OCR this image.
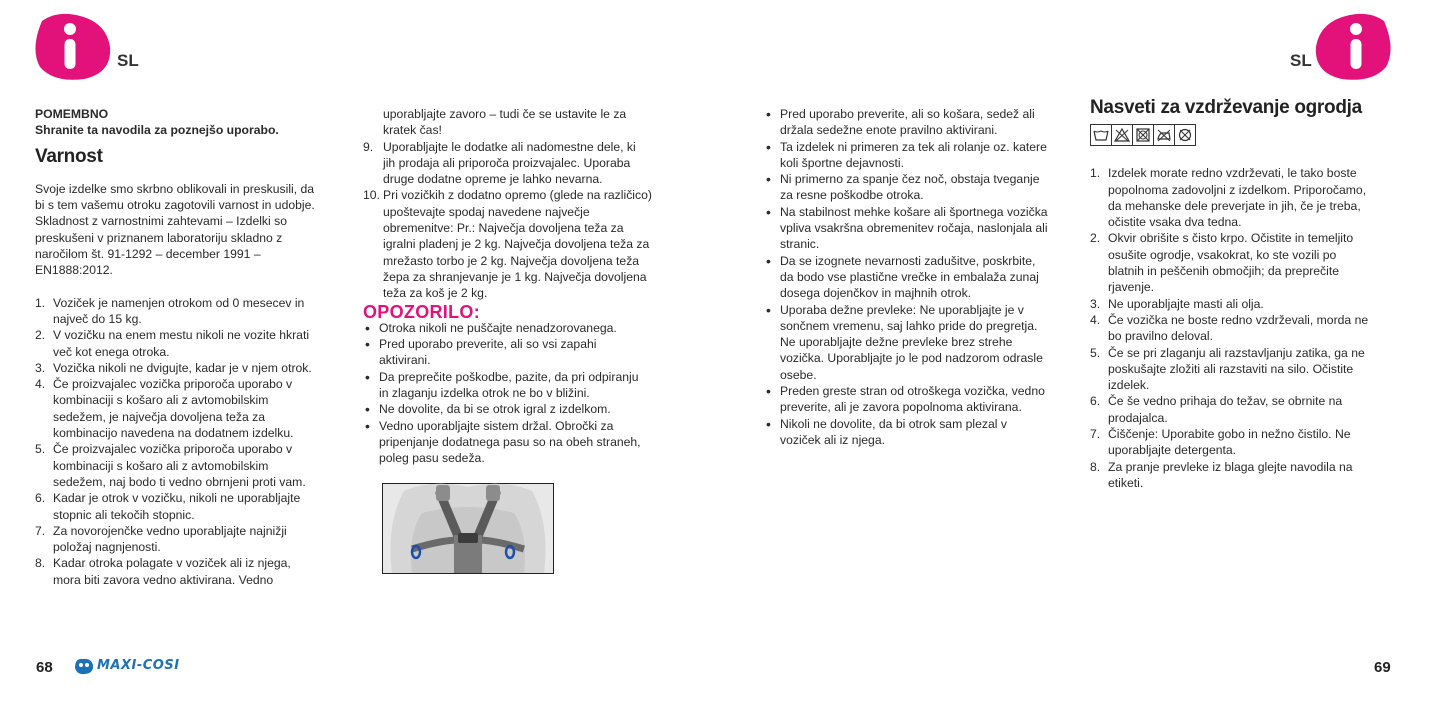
SL	SL
POMEMBNO
Shranite ta navodila za poznejšo uporabo.
Varnost
Svoje izdelke smo skrbno oblikovali in preskusili, da
bi s tem vašemu otroku zagotovili varnost in udobje.
Skladnost z varnostnimi zahtevami – Izdelki so
preskušeni v priznanem laboratoriju skladno z
naročilom št. 91-1292 – december 1991 –
EN1888:2012.
1. Voziček je namenjen otrokom od 0 mesecev in
največ do 15 kg.
2. V vozičku na enem mestu nikoli ne vozite hkrati
več kot enega otroka.
3. Vozička nikoli ne dvigujte, kadar je v njem otrok.
4. Če proizvajalec vozička priporoča uporabo v
kombinaciji s košaro ali z avtomobilskim
sedežem, je največja dovoljena teža za
kombinacijo navedena na dodatnem izdelku.
5. Če proizvajalec vozička priporoča uporabo v
kombinaciji s košaro ali z avtomobilskim
sedežem, naj bodo ti vedno obrnjeni proti vam.
6. Kadar je otrok v vozičku, nikoli ne uporabljajte
stopnic ali tekočih stopnic.
7. Za novorojenčke vedno uporabljajte najnižji
položaj nagnjenosti.
8. Kadar otroka polagate v voziček ali iz njega,
mora biti zavora vedno aktivirana. Vedno
uporabljajte zavoro – tudi če se ustavite le za
kratek čas!
9. Uporabljajte le dodatke ali nadomestne dele, ki
jih prodaja ali priporoča proizvajalec. Uporaba
druge dodatne opreme je lahko nevarna.
10. Pri vozičkih z dodatno opremo (glede na različico)
upoštevajte spodaj navedene največje
obremenitve: Pr.: Največja dovoljena teža za
igralni pladenj je 2 kg. Največja dovoljena teža za
mrežasto torbo je 2 kg. Največja dovoljena teža
žepa za shranjevanje je 1 kg. Največja dovoljena
teža za koš je 2 kg.
OPOZORILO:
• Otroka nikoli ne puščajte nenadzorovanega.
• Pred uporabo preverite, ali so vsi zapahi
aktivirani.
• Da preprečite poškodbe, pazite, da pri odpiranju
in zlaganju izdelka otrok ne bo v bližini.
• Ne dovolite, da bi se otrok igral z izdelkom.
• Vedno uporabljajte sistem držal. Obročki za
pripenjanje dodatnega pasu so na obeh straneh,
poleg pasu sedeža.
68	MAXI-COSI
• Pred uporabo preverite, ali so košara, sedež ali
držala sedežne enote pravilno aktivirani.
• Ta izdelek ni primeren za tek ali rolanje oz. katere
koli športne dejavnosti.
• Ni primerno za spanje čez noč, obstaja tveganje
za resne poškodbe otroka.
• Na stabilnost mehke košare ali športnega vozička
vpliva vsakršna obremenitev ročaja, naslonjala ali
stranic.
• Da se izognete nevarnosti zadušitve, poskrbite,
da bodo vse plastične vrečke in embalaža zunaj
dosega dojenčkov in majhnih otrok.
• Uporaba dežne prevleke: Ne uporabljajte je v
sončnem vremenu, saj lahko pride do pregretja.
Ne uporabljajte dežne prevleke brez strehe
vozička. Uporabljajte jo le pod nadzorom odrasle
osebe.
• Preden greste stran od otroškega vozička, vedno
preverite, ali je zavora popolnoma aktivirana.
• Nikoli ne dovolite, da bi otrok sam plezal v
voziček ali iz njega.
Nasveti za vzdrževanje ogrodja
1. Izdelek morate redno vzdrževati, le tako boste
popolnoma zadovoljni z izdelkom. Priporočamo,
da mehanske dele preverjate in jih, če je treba,
očistite vsaka dva tedna.
2. Okvir obrišite s čisto krpo. Očistite in temeljito
osušite ogrodje, vsakokrat, ko ste vozili po
blatnih in peščenih območjih; da preprečite
rjavenje.
3. Ne uporabljajte masti ali olja.
4. Če vozička ne boste redno vzdrževali, morda ne
bo pravilno deloval.
5. Če se pri zlaganju ali razstavljanju zatika, ga ne
poskušajte zložiti ali razstaviti na silo. Očistite
izdelek.
6. Če še vedno prihaja do težav, se obrnite na
prodajalca.
7. Čiščenje: Uporabite gobo in nežno čistilo. Ne
uporabljajte detergenta.
8. Za pranje prevleke iz blaga glejte navodila na
etiketi.
69
